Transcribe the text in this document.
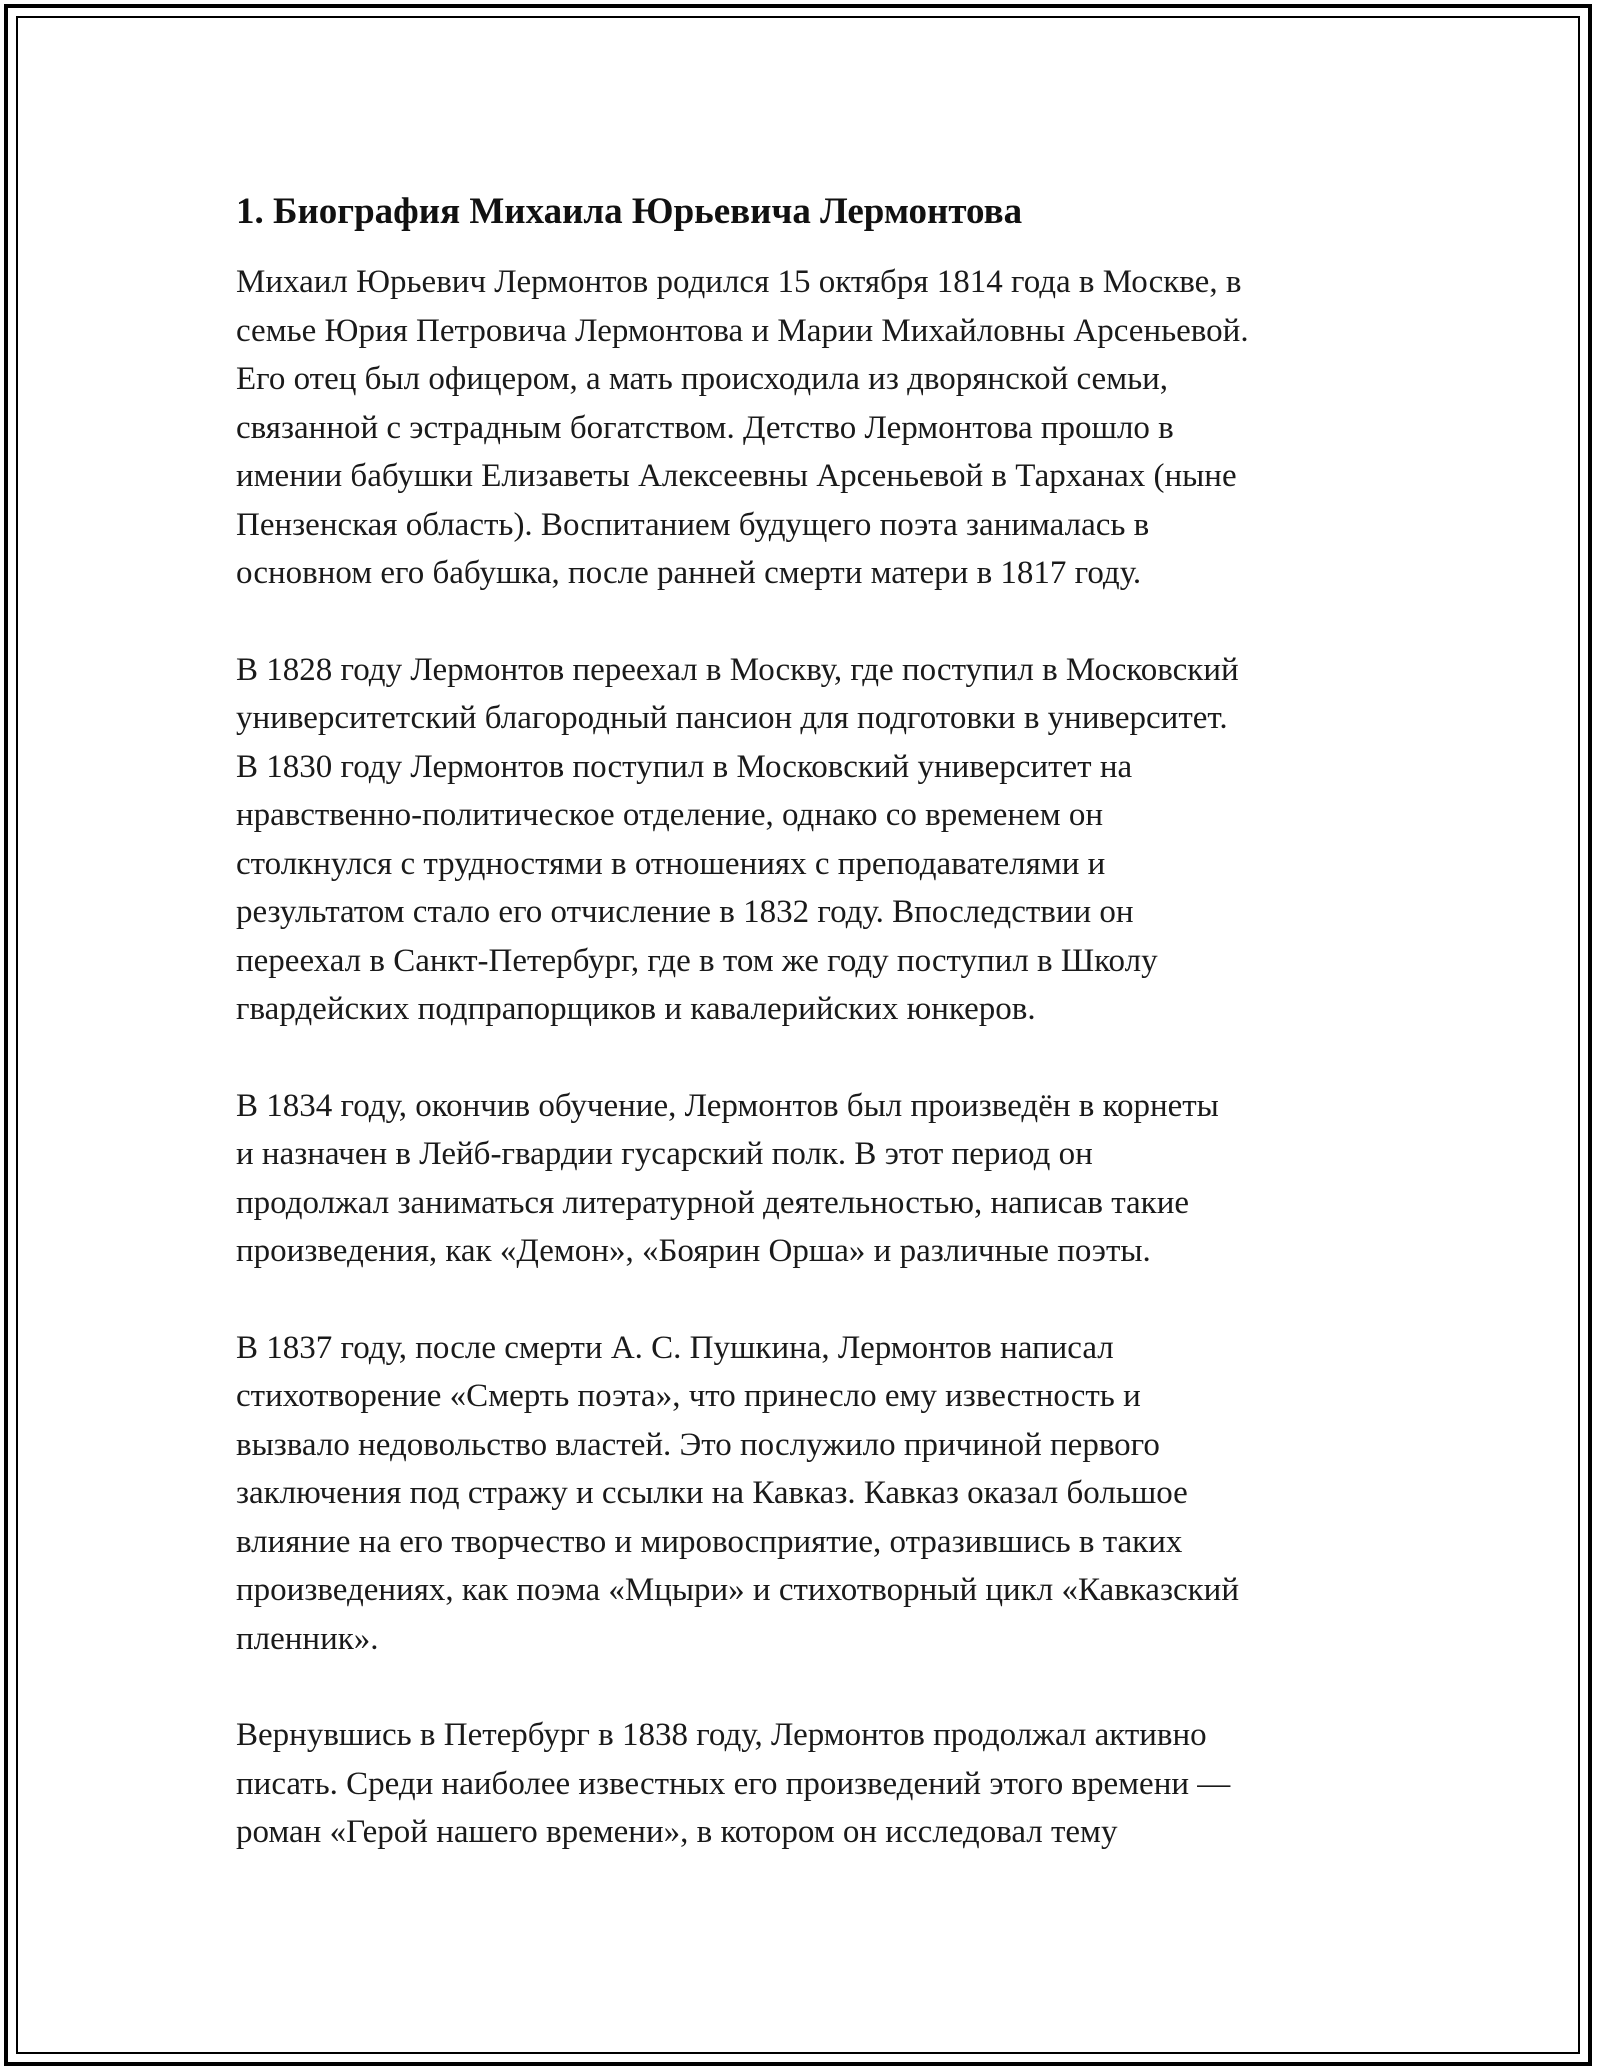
1. Биография Михаила Юрьевича Лермонтова

Михаил Юрьевич Лермонтов родился 15 октября 1814 года в Москве, в
семье Юрия Петровича Лермонтова и Марии Михайловны Арсеньевой.
Его отец был офицером, а мать происходила из дворянской семьи,
связанной с эстрадным богатством. Детство Лермонтова прошло в
имении бабушки Елизаветы Алексеевны Арсеньевой в Тарханах (ныне
Пензенская область). Воспитанием будущего поэта занималась в
основном его бабушка, после ранней смерти матери в 1817 году.

В 1828 году Лермонтов переехал в Москву, где поступил в Московский
университетский благородный пансион для подготовки в университет.
В 1830 году Лермонтов поступил в Московский университет на
нравственно-политическое отделение, однако со временем он
столкнулся с трудностями в отношениях с преподавателями и
результатом стало его отчисление в 1832 году. Впоследствии он
переехал в Санкт-Петербург, где в том же году поступил в Школу
гвардейских подпрапорщиков и кавалерийских юнкеров.

В 1834 году, окончив обучение, Лермонтов был произведён в корнеты
и назначен в Лейб-гвардии гусарский полк. В этот период он
продолжал заниматься литературной деятельностью, написав такие
произведения, как «Демон», «Боярин Орша» и различные поэты.

В 1837 году, после смерти А. С. Пушкина, Лермонтов написал
стихотворение «Смерть поэта», что принесло ему известность и
вызвало недовольство властей. Это послужило причиной первого
заключения под стражу и ссылки на Кавказ. Кавказ оказал большое
влияние на его творчество и мировосприятие, отразившись в таких
произведениях, как поэма «Мцыри» и стихотворный цикл «Кавказский
пленник».

Вернувшись в Петербург в 1838 году, Лермонтов продолжал активно
писать. Среди наиболее известных его произведений этого времени —
роман «Герой нашего времени», в котором он исследовал тему
